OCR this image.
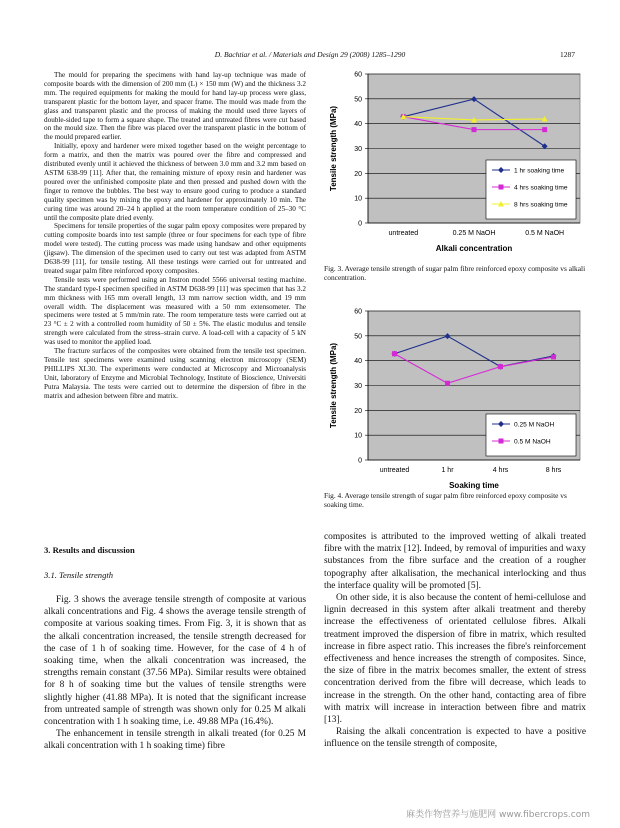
D. Bachtiar et al. / Materials and Design 29 (2008) 1285–1290	1287

The mould for preparing the specimens with hand lay-up technique was made of composite boards with the dimension of 200 mm (L) × 150 mm (W) and the thickness 3.2 mm. The required equipments for making the mould for hand lay-up process were glass, transparent plastic for the bottom layer, and spacer frame. The mould was made from the glass and transparent plastic and the process of making the mould used three layers of double-sided tape to form a square shape. The treated and untreated fibres were cut based on the mould size. Then the fibre was placed over the transparent plastic in the bottom of the mould prepared earlier.

Initially, epoxy and hardener were mixed together based on the weight percentage to form a matrix, and then the matrix was poured over the fibre and compressed and distributed evenly until it achieved the thickness of between 3.0 mm and 3.2 mm based on ASTM 638-99 [11]. After that, the remaining mixture of epoxy resin and hardener was poured over the unfinished composite plate and then pressed and pushed down with the finger to remove the bubbles. The best way to ensure good curing to produce a standard quality specimen was by mixing the epoxy and hardener for approximately 10 min. The curing time was around 20–24 h applied at the room temperature condition of 25–30 °C until the composite plate dried evenly.

Specimens for tensile properties of the sugar palm epoxy composites were prepared by cutting composite boards into test sample (three or four specimens for each type of fibre model were tested). The cutting process was made using handsaw and other equipments (jigsaw). The dimension of the specimen used to carry out test was adapted from ASTM D638-99 [11], for tensile testing. All these testings were carried out for untreated and treated sugar palm fibre reinforced epoxy composites.

Tensile tests were performed using an Instron model 5566 universal testing machine. The standard type-I specimen specified in ASTM D638-99 [11] was specimen that has 3.2 mm thickness with 165 mm overall length, 13 mm narrow section width, and 19 mm overall width. The displacement was measured with a 50 mm extensometer. The specimens were tested at 5 mm/min rate. The room temperature tests were carried out at 23 °C ± 2 with a controlled room humidity of 50 ± 5%. The elastic modulus and tensile strength were calculated from the stress–strain curve. A load-cell with a capacity of 5 kN was used to monitor the applied load.

The fracture surfaces of the composites were obtained from the tensile test specimen. Tensile test specimens were examined using scanning electron microscopy (SEM) PHILLIPS XL30. The experiments were conducted at Microscopy and Microanalysis Unit, laboratory of Enzyme and Microbial Technology, Institute of Bioscience, Universiti Putra Malaysia. The tests were carried out to determine the dispersion of fibre in the matrix and adhesion between fibre and matrix.

3. Results and discussion
3.1. Tensile strength

Fig. 3 shows the average tensile strength of composite at various alkali concentrations and Fig. 4 shows the average tensile strength of composite at various soaking times. From Fig. 3, it is shown that as the alkali concentration increased, the tensile strength decreased for the case of 1 h of soaking time. However, for the case of 4 h of soaking time, when the alkali concentration was increased, the strengths remain constant (37.56 MPa). Similar results were obtained for 8 h of soaking time but the values of tensile strengths were slightly higher (41.88 MPa). It is noted that the significant increase from untreated sample of strength was shown only for 0.25 M alkali concentration with 1 h soaking time, i.e. 49.88 MPa (16.4%).

The enhancement in tensile strength in alkali treated (for 0.25 M alkali concentration with 1 h soaking time) fibre

0
10
20
30
40
50
60
untreated	0.25 M NaOH	0.5 M NaOH
Alkali concentration
Tensile strength (MPa)	1 hr soaking time
4 hrs soaking time
8 hrs soaking time
Fig. 3. Average tensile strength of sugar palm fibre reinforced epoxy composite vs alkali concentration.
0
10
20
30
40
50
60
untreated	1 hr	4 hrs	8 hrs
Soaking time
Tensile strength (MPa)	0.25 M NaOH
0.5 M NaOH
Fig. 4. Average tensile strength of sugar palm fibre reinforced epoxy composite vs soaking time.

composites is attributed to the improved wetting of alkali treated fibre with the matrix [12]. Indeed, by removal of impurities and waxy substances from the fibre surface and the creation of a rougher topography after alkalisation, the mechanical interlocking and thus the interface quality will be promoted [5].

On other side, it is also because the content of hemi-cellulose and lignin decreased in this system after alkali treatment and thereby increase the effectiveness of orientated cellulose fibres. Alkali treatment improved the dispersion of fibre in matrix, which resulted increase in fibre aspect ratio. This increases the fibre's reinforcement effectiveness and hence increases the strength of composites. Since, the size of fibre in the matrix becomes smaller, the extent of stress concentration derived from the fibre will decrease, which leads to increase in the strength. On the other hand, contacting area of fibre with matrix will increase in interaction between fibre and matrix [13].

Raising the alkali concentration is expected to have a positive influence on the tensile strength of composite,

麻类作物营养与施肥网 www.fibercrops.com
